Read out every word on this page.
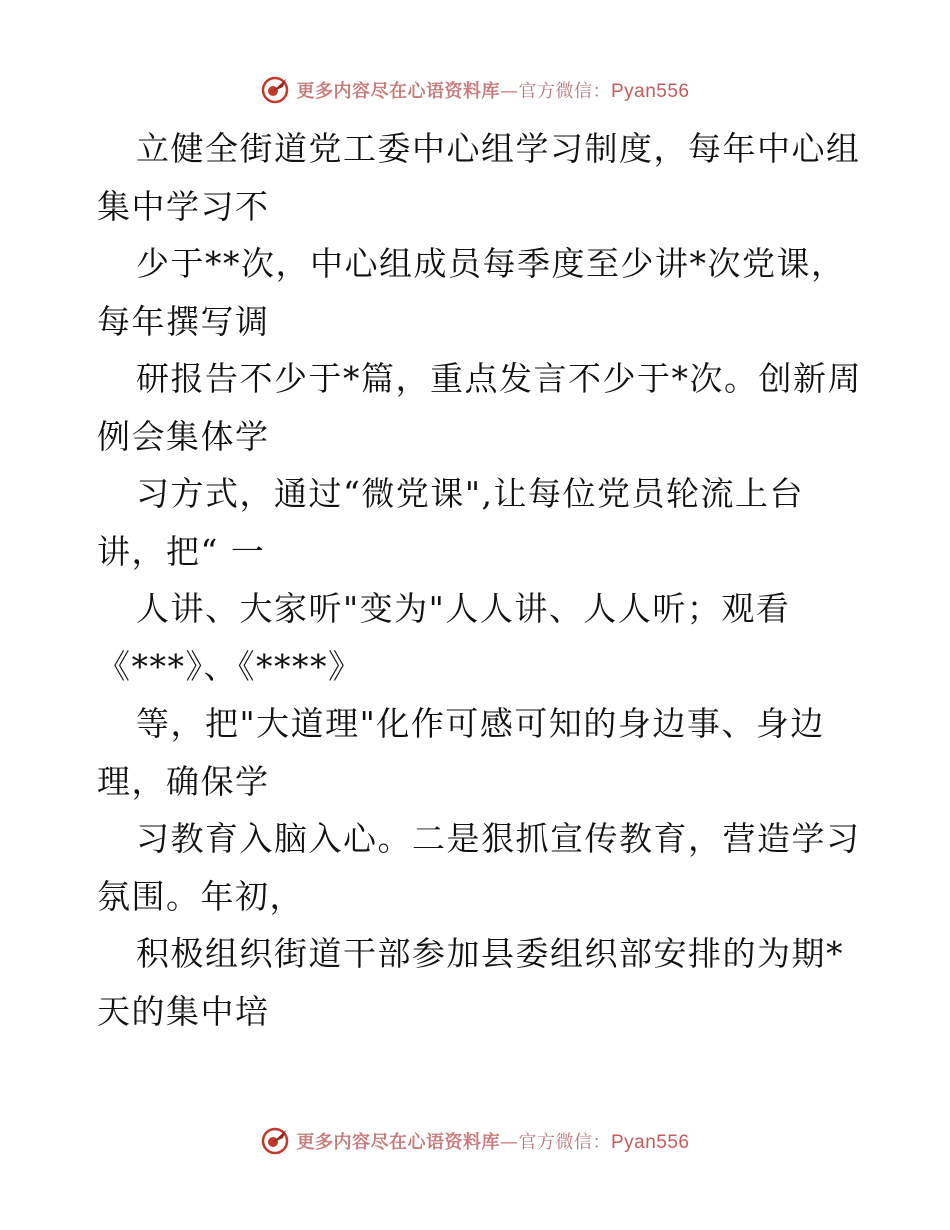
更多内容尽在心语资料库—官方微信：Pyan556
立健全街道党工委中心组学习制度，每年中心组
集中学习不
少于**次，中心组成员每季度至少讲*次党课，
每年撰写调
研报告不少于*篇，重点发言不少于*次。创新周
例会集体学
习方式，通过“微党课",让每位党员轮流上台
讲，把“ 一
人讲、大家听"变为"人人讲、人人听；观看
《***》、《****》
等，把"大道理"化作可感可知的身边事、身边
理，确保学
习教育入脑入心。二是狠抓宣传教育，营造学习
氛围。年初，
积极组织街道干部参加县委组织部安排的为期*
天的集中培
更多内容尽在心语资料库—官方微信：Pyan556
